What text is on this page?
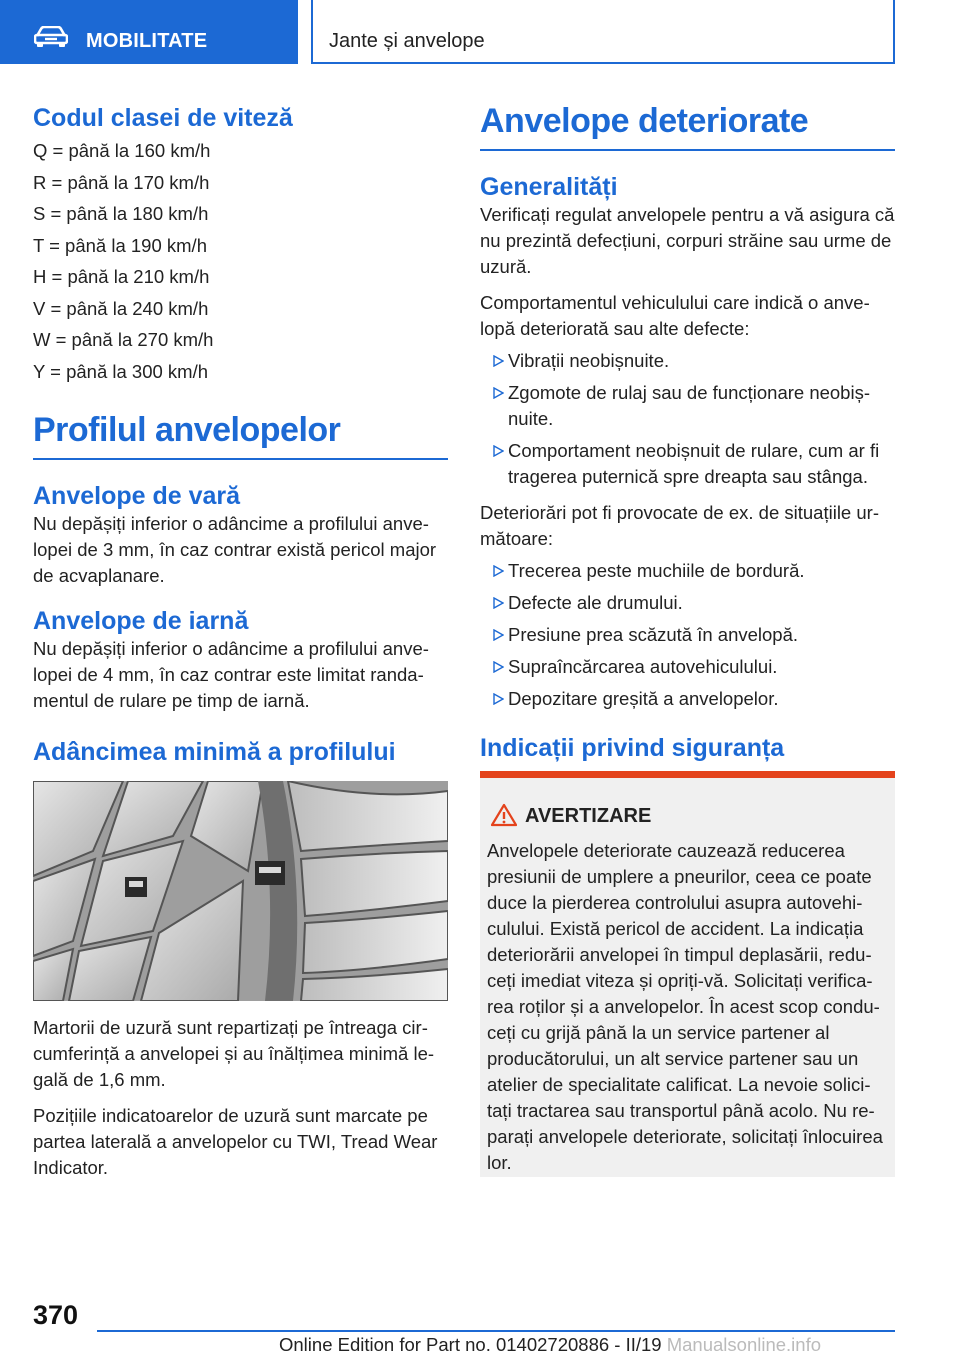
MOBILITATE	Jante și anvelope
Codul clasei de viteză
Q = până la 160 km/h
R = până la 170 km/h
S = până la 180 km/h
T = până la 190 km/h
H = până la 210 km/h
V = până la 240 km/h
W = până la 270 km/h
Y = până la 300 km/h
Profilul anvelopelor
Anvelope de vară

Nu depășiți inferior o adâncime a profilului anvelopei de 3 mm, în caz contrar există pericol major de acvaplanare.

Anvelope de iarnă

Nu depășiți inferior o adâncime a profilului anvelopei de 4 mm, în caz contrar este limitat randamentul de rulare pe timp de iarnă.

Adâncimea minimă a profilului

Martorii de uzură sunt repartizați pe întreaga circumferință a anvelopei și au înălțimea minimă legală de 1,6 mm.

Pozițiile indicatoarelor de uzură sunt marcate pe partea laterală a anvelopelor cu TWI, Tread Wear Indicator.

Anvelope deteriorate
Generalități

Verificați regulat anvelopele pentru a vă asigura că nu prezintă defecțiuni, corpuri străine sau urme de uzură.

Comportamentul vehiculului care indică o anvelopă deteriorată sau alte defecte:

Vibrații neobișnuite.
Zgomote de rulaj sau de funcționare neobișnuite.
Comportament neobișnuit de rulare, cum ar fi tragerea puternică spre dreapta sau stânga.

Deteriorări pot fi provocate de ex. de situațiile următoare:

Trecerea peste muchiile de bordură.
Defecte ale drumului.
Presiune prea scăzută în anvelopă.
Supraîncărcarea autovehiculului.
Depozitare greșită a anvelopelor.
Indicații privind siguranța
AVERTIZARE
Anvelopele deteriorate cauzează reducerea presiunii de umplere a pneurilor, ceea ce poate duce la pierderea controlului asupra autovehiculului. Există pericol de accident. La indicația deteriorării anvelopei în timpul deplasării, reduceți imediat viteza și opriți-vă. Solicitați verificarea roților și a anvelopelor. În acest scop conduceți cu grijă până la un service partener al producătorului, un alt service partener sau un atelier de specialitate calificat. La nevoie solicitați tractarea sau transportul până acolo. Nu reparați anvelopele deteriorate, solicitați înlocuirea lor.
370
Online Edition for Part no. 01402720886 - II/19 Manualsonline.info
